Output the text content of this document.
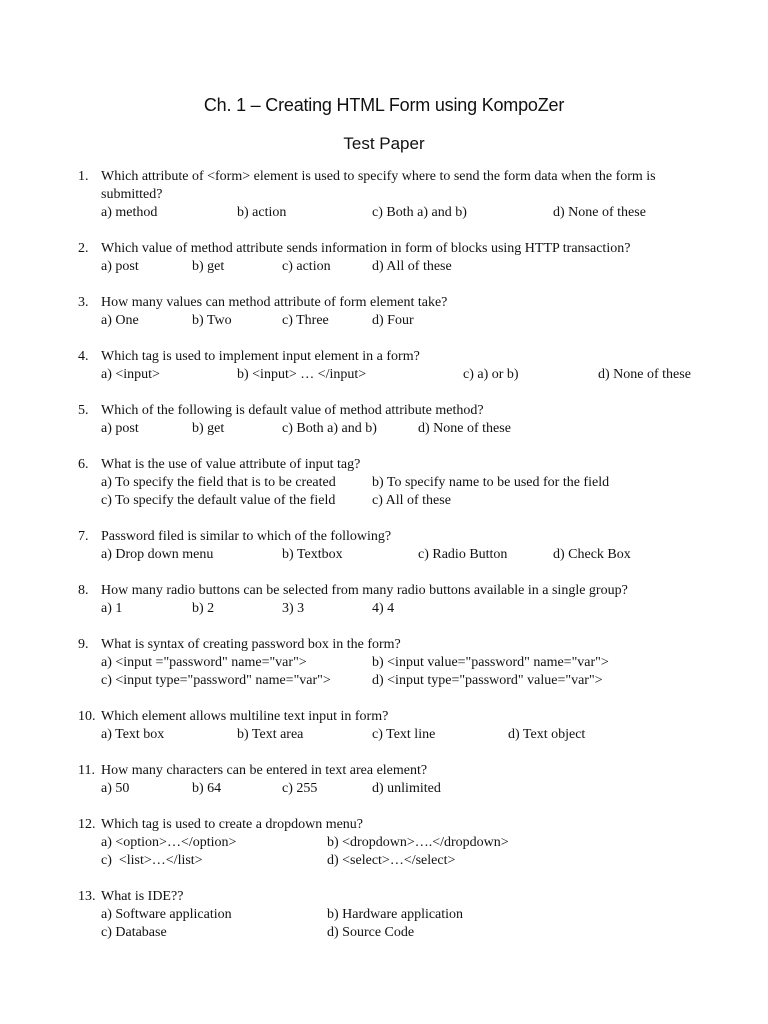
Ch. 1 – Creating HTML Form using KompoZer
Test Paper
1. Which attribute of <form> element is used to specify where to send the form data when the form is submitted?
a) method	b) action	c) Both a) and b)	d) None of these
2. Which value of method attribute sends information in form of blocks using HTTP transaction?
a) post	b) get	c) action	d) All of these
3. How many values can method attribute of form element take?
a) One	b) Two	c) Three	d) Four
4. Which tag is used to implement input element in a form?
a) <input>	b) <input> … </input>	c) a) or b)	d) None of these
5. Which of the following is default value of method attribute method?
a) post	b) get	c) Both a) and b)	d) None of these
6. What is the use of value attribute of input tag?
a) To specify the field that is to be created	b) To specify name to be used for the field
c) To specify the default value of the field	c) All of these
7. Password filed is similar to which of the following?
a) Drop down menu	b) Textbox	c) Radio Button	d) Check Box
8. How many radio buttons can be selected from many radio buttons available in a single group?
a) 1	b) 2	3) 3	4) 4
9. What is syntax of creating password box in the form?
a) <input ="password" name="var">	b) <input value="password" name="var">
c) <input type="password" name="var">	d) <input type="password" value="var">
10. Which element allows multiline text input in form?
a) Text box	b) Text area	c) Text line	d) Text object
11. How many characters can be entered in text area element?
a) 50	b) 64	c) 255	d) unlimited
12. Which tag is used to create a dropdown menu?
a) <option>…</option>	b) <dropdown>….</dropdown>
c)  <list>…</list>	d) <select>…</select>
13. What is IDE??
a) Software application	b) Hardware application
c) Database	d) Source Code
